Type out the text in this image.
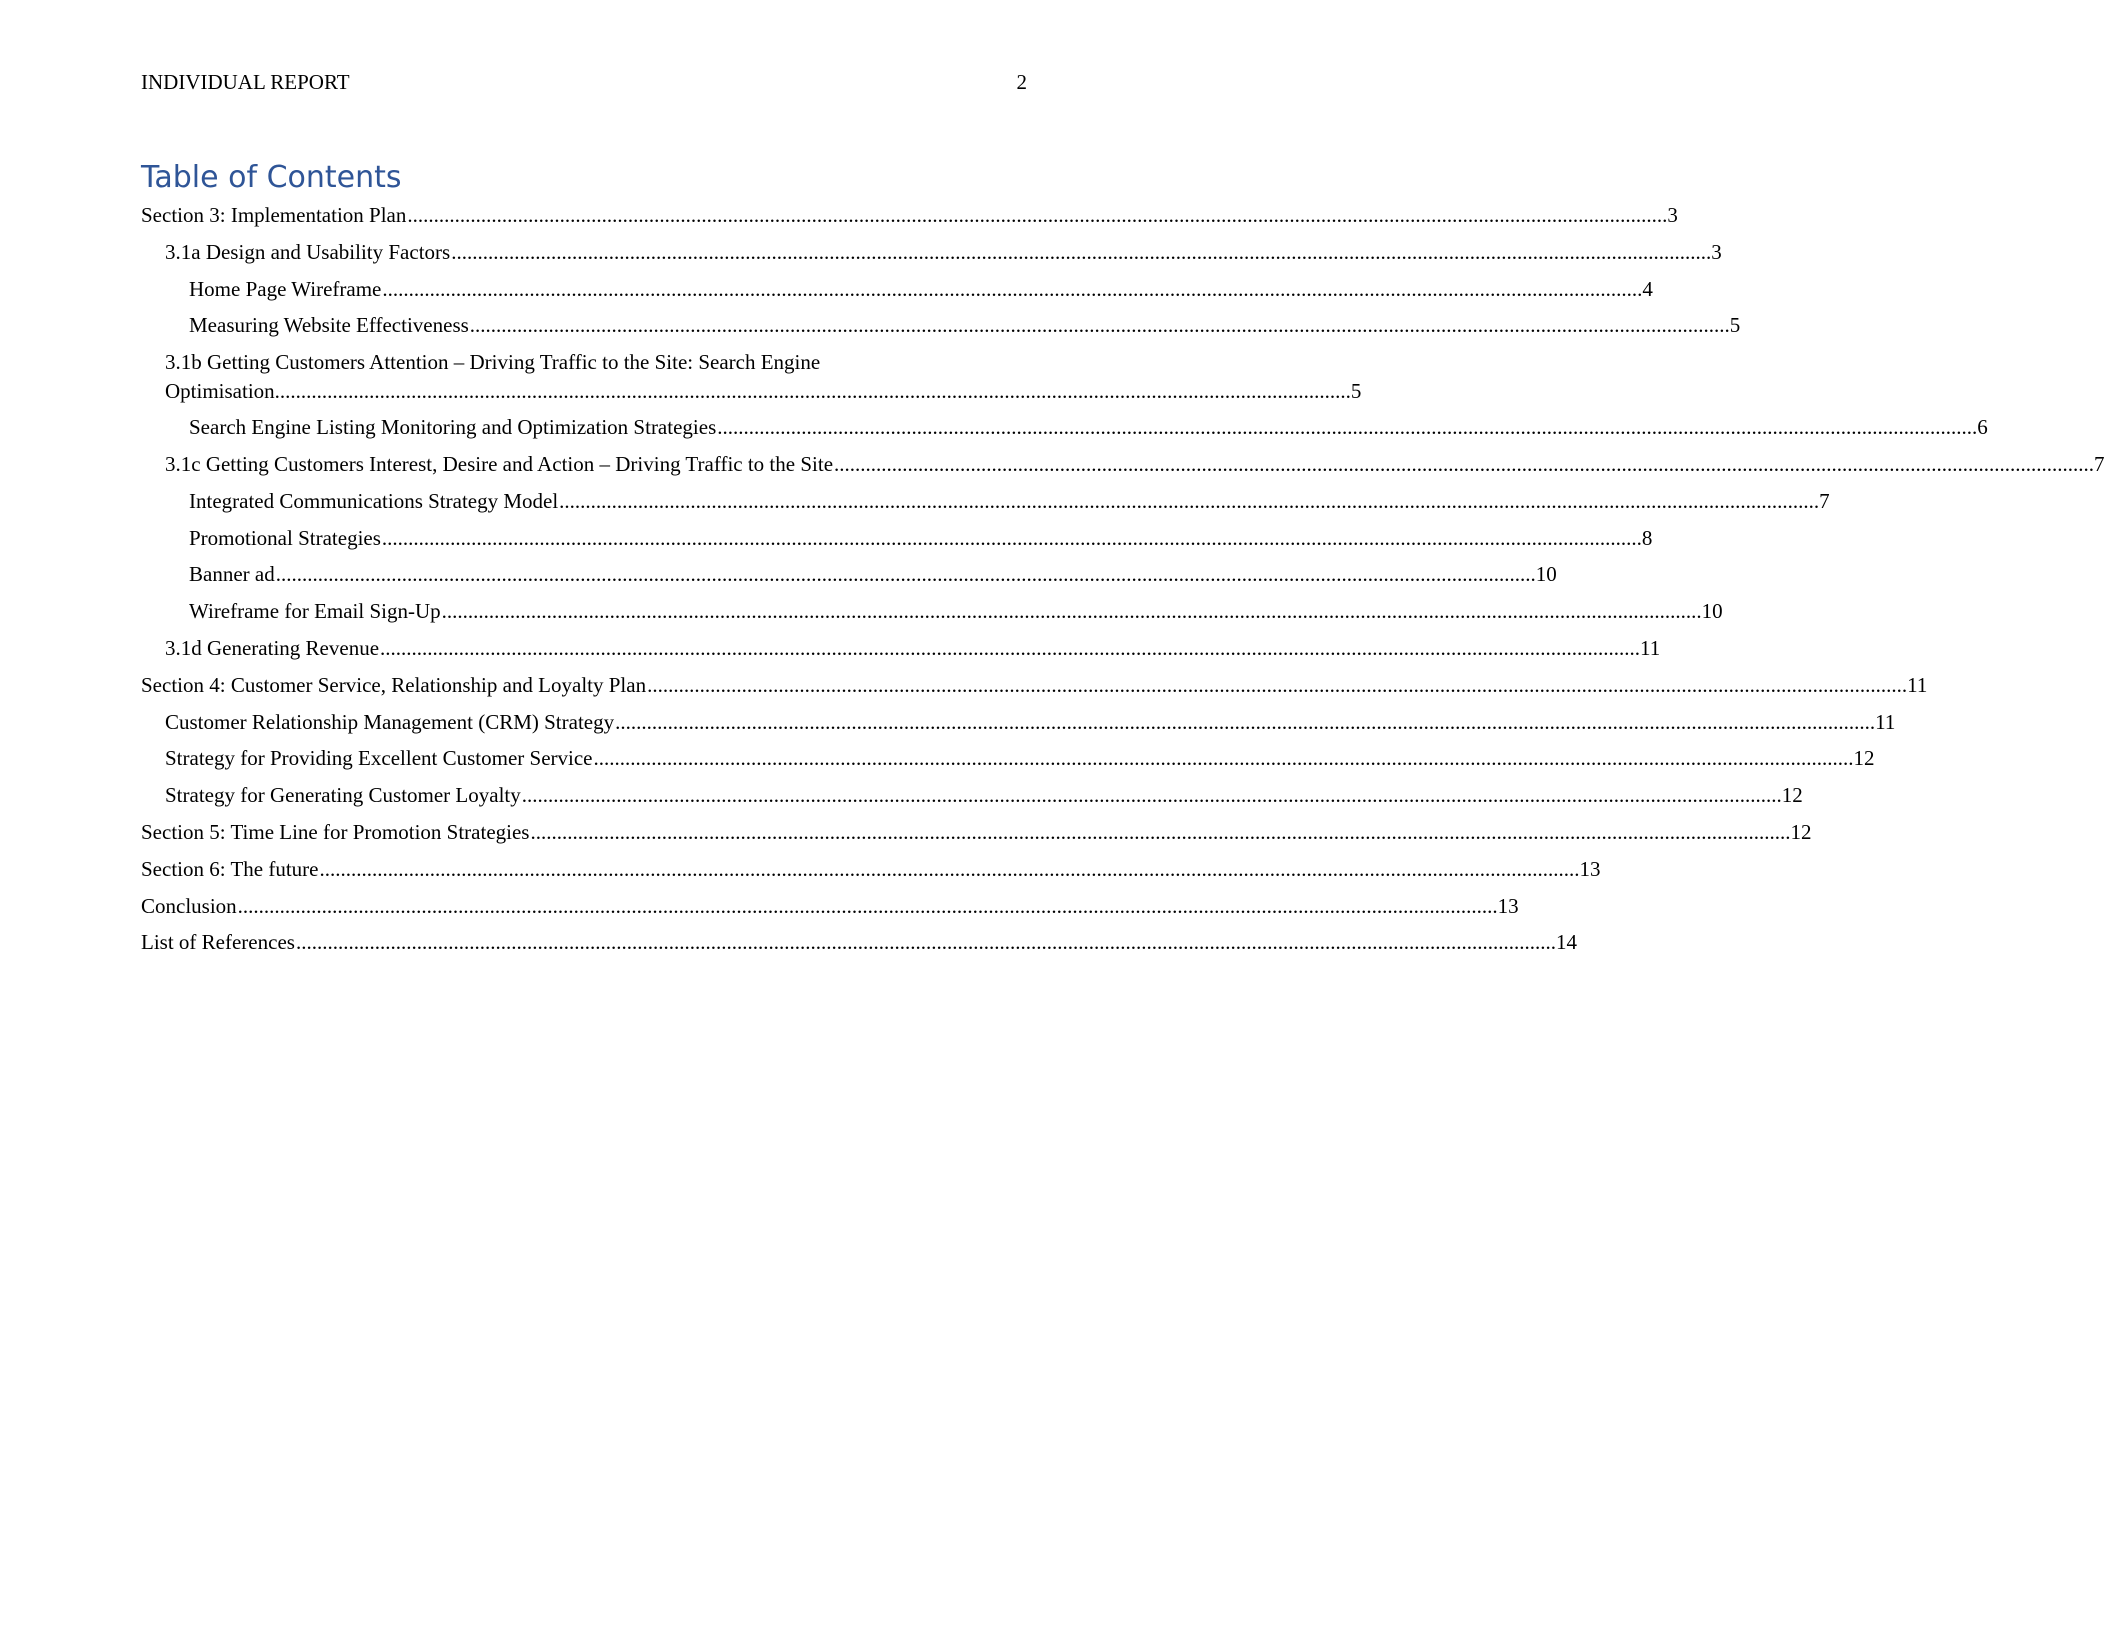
INDIVIDUAL REPORT	2
Table of Contents
Section 3: Implementation Plan .....	3
3.1a Design and Usability Factors .....	3
Home Page Wireframe .....	4
Measuring Website Effectiveness .....	5
3.1b Getting Customers Attention – Driving Traffic to the Site: Search Engine
Optimisation ............................................................................................................................................................................................................. 5
Search Engine Listing Monitoring and Optimization Strategies .....	6
3.1c Getting Customers Interest, Desire and Action – Driving Traffic to the Site .....	7
Integrated Communications Strategy Model .....	7
Promotional Strategies .....	8
Banner ad .....	10
Wireframe for Email Sign-Up .....	10
3.1d Generating Revenue .....	11
Section 4: Customer Service, Relationship and Loyalty Plan .....	11
Customer Relationship Management (CRM) Strategy .....	11
Strategy for Providing Excellent Customer Service .....	12
Strategy for Generating Customer Loyalty .....	12
Section 5: Time Line for Promotion Strategies .....	12
Section 6: The future .....	13
Conclusion .....	13
List of References .....	14
